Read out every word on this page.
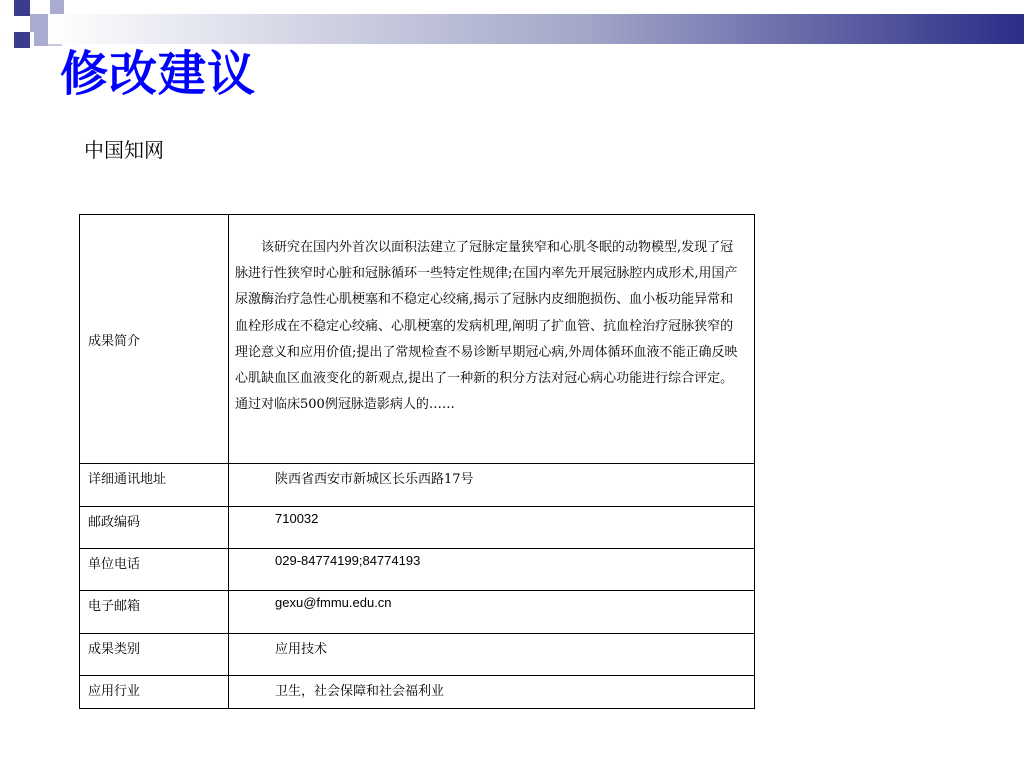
修改建议
中国知网
成果简介	该研究在国内外首次以面积法建立了冠脉定量狭窄和心肌冬眠的动物模型,发现了冠脉进行性狭窄时心脏和冠脉循环一些特定性规律;在国内率先开展冠脉腔内成形术,用国产尿激酶治疗急性心肌梗塞和不稳定心绞痛,揭示了冠脉内皮细胞损伤、血小板功能异常和血栓形成在不稳定心绞痛、心肌梗塞的发病机理,阐明了扩血管、抗血栓治疗冠脉狭窄的理论意义和应用价值;提出了常规检查不易诊断早期冠心病,外周体循环血液不能正确反映心肌缺血区血液变化的新观点,提出了一种新的积分方法对冠心病心功能进行综合评定。通过对临床500例冠脉造影病人的……
详细通讯地址	陕西省西安市新城区长乐西路17号
邮政编码	710032
单位电话	029-84774199;84774193
电子邮箱	gexu@fmmu.edu.cn
成果类别	应用技术
应用行业	卫生，社会保障和社会福利业
